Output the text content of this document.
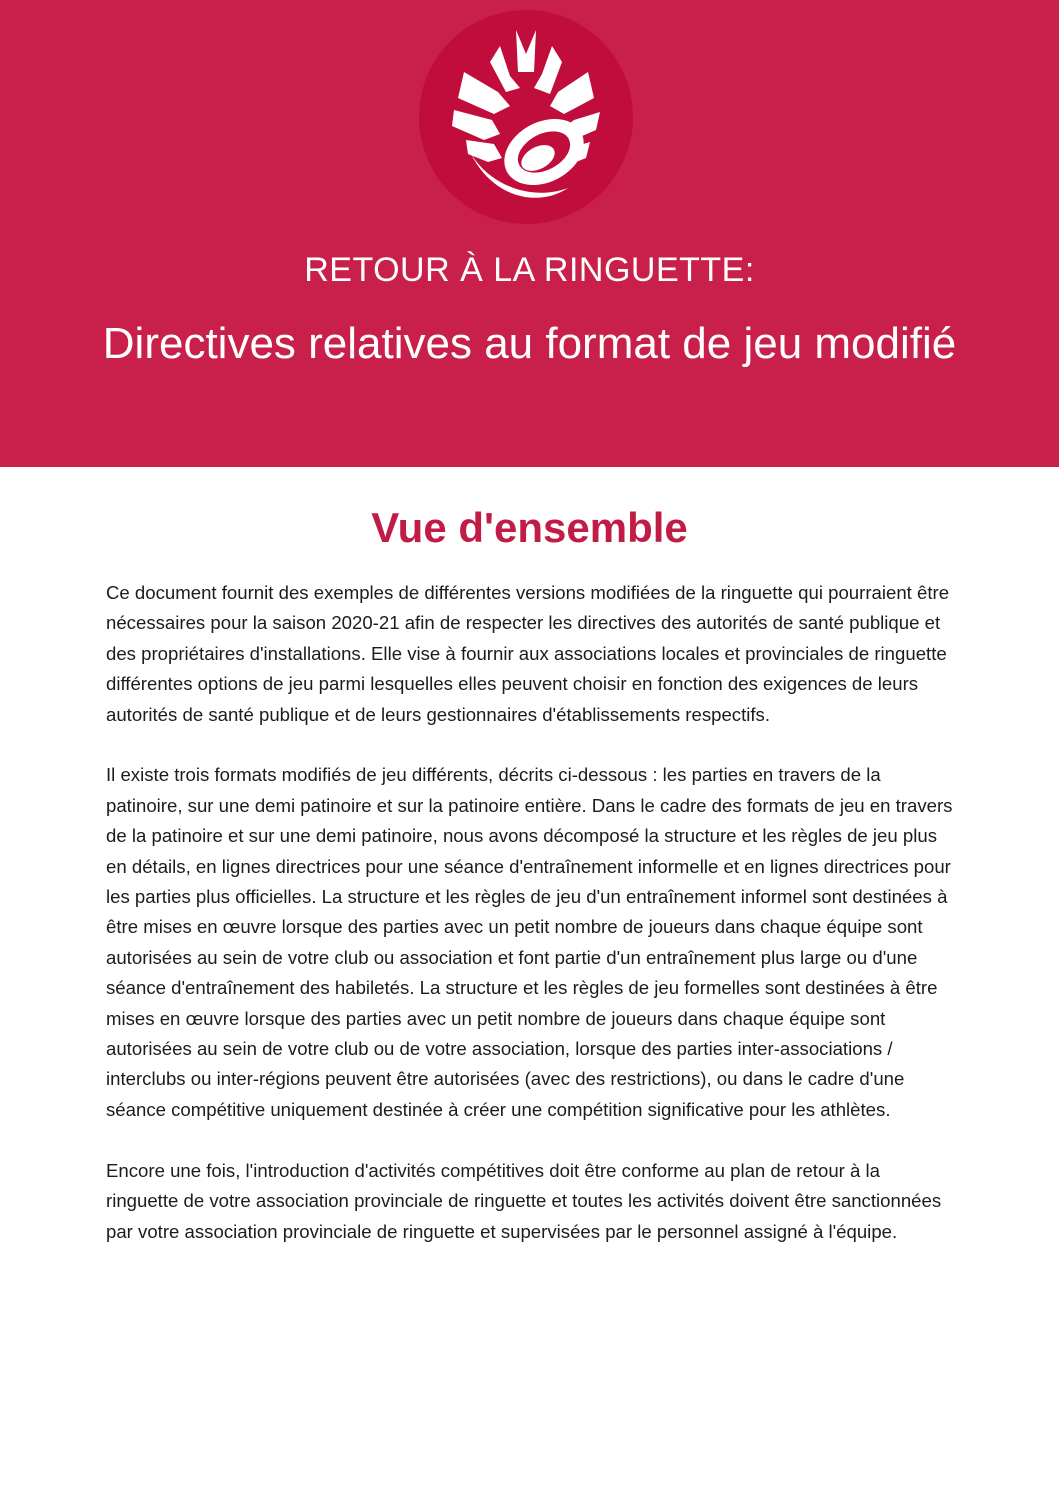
RETOUR À LA RINGUETTE:
Directives relatives au format de jeu modifié
Vue d'ensemble

Ce document fournit des exemples de différentes versions modifiées de la ringuette qui pourraient être nécessaires pour la saison 2020-21 afin de respecter les directives des autorités de santé publique et des propriétaires d'installations. Elle vise à fournir aux associations locales et provinciales de ringuette différentes options de jeu parmi lesquelles elles peuvent choisir en fonction des exigences de leurs autorités de santé publique et de leurs gestionnaires d'établissements respectifs.

Il existe trois formats modifiés de jeu différents, décrits ci-dessous : les parties en travers de la patinoire, sur une demi patinoire et sur la patinoire entière. Dans le cadre des formats de jeu en travers de la patinoire et sur une demi patinoire, nous avons décomposé la structure et les règles de jeu plus en détails, en lignes directrices pour une séance d'entraînement informelle et en lignes directrices pour les parties plus officielles. La structure et les règles de jeu d'un entraînement informel sont destinées à être mises en œuvre lorsque des parties avec un petit nombre de joueurs dans chaque équipe sont autorisées au sein de votre club ou association et font partie d'un entraînement plus large ou d'une séance d'entraînement des habiletés. La structure et les règles de jeu formelles sont destinées à être mises en œuvre lorsque des parties avec un petit nombre de joueurs dans chaque équipe sont autorisées au sein de votre club ou de votre association, lorsque des parties inter-associations / interclubs ou inter-régions peuvent être autorisées (avec des restrictions), ou dans le cadre d'une séance compétitive uniquement destinée à créer une compétition significative pour les athlètes.

Encore une fois, l'introduction d'activités compétitives doit être conforme au plan de retour à la ringuette de votre association provinciale de ringuette et toutes les activités doivent être sanctionnées par votre association provinciale de ringuette et supervisées par le personnel assigné à l'équipe.
